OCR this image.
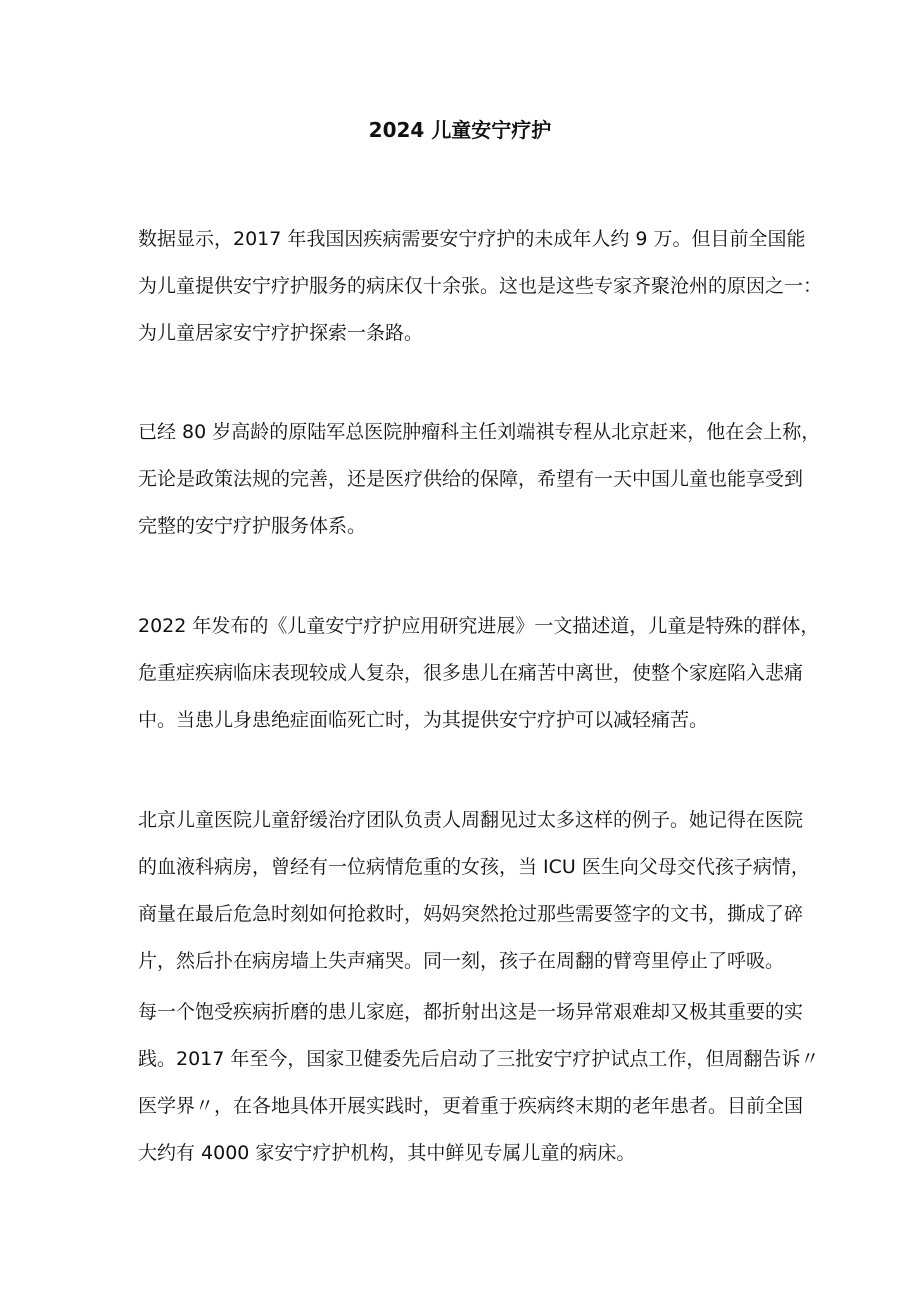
2024 儿童安宁疗护

数据显示，2017 年我国因疾病需要安宁疗护的未成年人约 9 万。但目前全国能
为儿童提供安宁疗护服务的病床仅十余张。这也是这些专家齐聚沧州的原因之一：
为儿童居家安宁疗护探索一条路。

已经 80 岁高龄的原陆军总医院肿瘤科主任刘端祺专程从北京赶来，他在会上称，
无论是政策法规的完善，还是医疗供给的保障，希望有一天中国儿童也能享受到
完整的安宁疗护服务体系。

2022 年发布的《儿童安宁疗护应用研究进展》一文描述道，儿童是特殊的群体，
危重症疾病临床表现较成人复杂，很多患儿在痛苦中离世，使整个家庭陷入悲痛
中。当患儿身患绝症面临死亡时，为其提供安宁疗护可以减轻痛苦。

北京儿童医院儿童舒缓治疗团队负责人周翻见过太多这样的例子。她记得在医院
的血液科病房，曾经有一位病情危重的女孩，当 ICU 医生向父母交代孩子病情，
商量在最后危急时刻如何抢救时，妈妈突然抢过那些需要签字的文书，撕成了碎
片，然后扑在病房墙上失声痛哭。同一刻，孩子在周翻的臂弯里停止了呼吸。

每一个饱受疾病折磨的患儿家庭，都折射出这是一场异常艰难却又极其重要的实
践。2017 年至今，国家卫健委先后启动了三批安宁疗护试点工作，但周翻告诉〃
医学界〃，在各地具体开展实践时，更着重于疾病终末期的老年患者。目前全国
大约有 4000 家安宁疗护机构，其中鲜见专属儿童的病床。
